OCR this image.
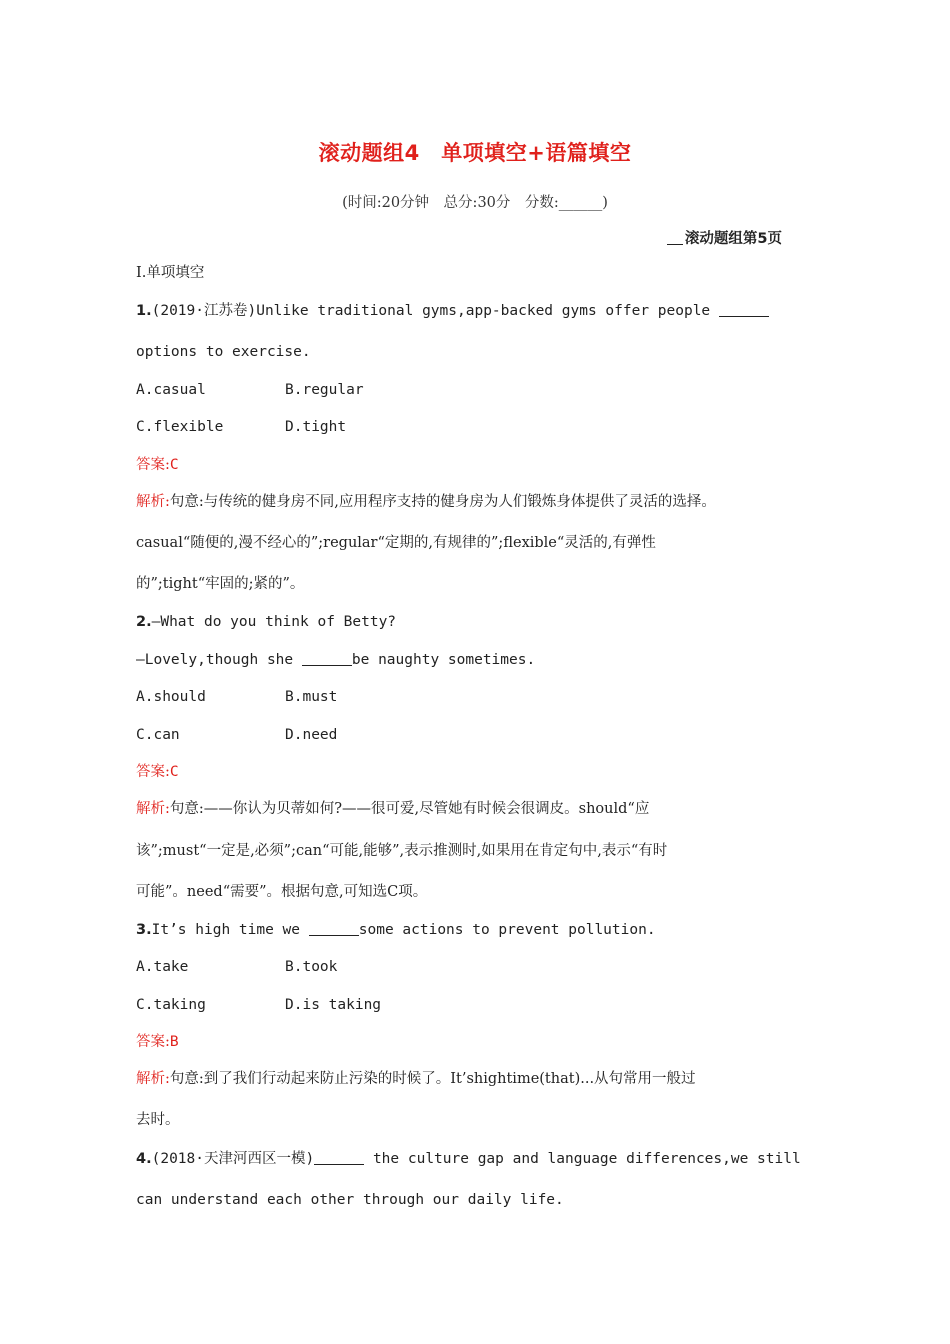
滚动题组4　单项填空+语篇填空
(时间:20分钟　总分:30分　分数:______)
滚动题组第5页
Ⅰ.单项填空
1.(2019·江苏卷)Unlike traditional gyms,app-backed gyms offer people
options to exercise.
A.casual	B.regular
C.flexible	D.tight
答案:C
解析:句意:与传统的健身房不同,应用程序支持的健身房为人们锻炼身体提供了灵活的选择。
casual“随便的,漫不经心的”;regular“定期的,有规律的”;flexible“灵活的,有弹性
的”;tight“牢固的;紧的”。
2.—What do you think of Betty?
—Lovely,though she	be naughty sometimes.
A.should	B.must
C.can	D.need
答案:C
解析:句意:——你认为贝蒂如何?——很可爱,尽管她有时候会很调皮。should“应
该”;must“一定是,必须”;can“可能,能够”,表示推测时,如果用在肯定句中,表示“有时
可能”。need“需要”。根据句意,可知选C项。
3.It’s high time we	some actions to prevent pollution.
A.take	B.took
C.taking	D.is taking
答案:B
解析:句意:到了我们行动起来防止污染的时候了。It’shightime(that)...从句常用一般过
去时。
4.(2018·天津河西区一模)	the culture gap and language differences,we still
can understand each other through our daily life.
